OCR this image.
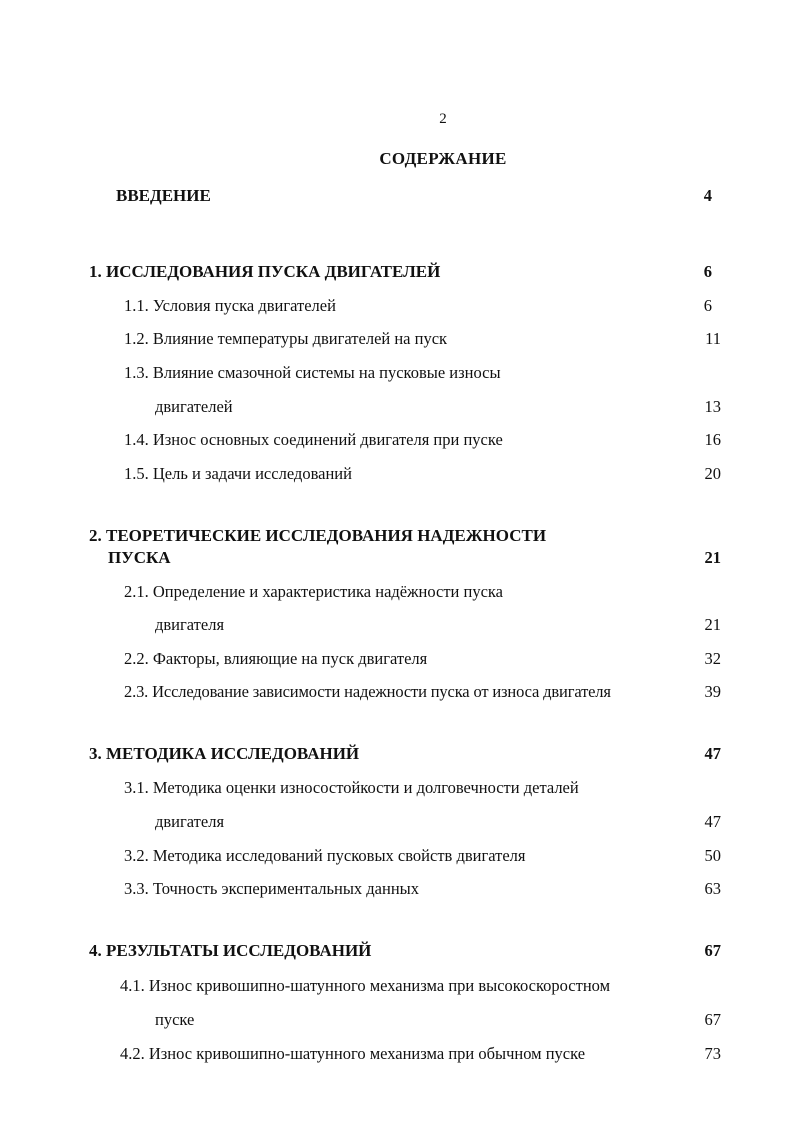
2
СОДЕРЖАНИЕ
ВВЕДЕНИЕ	4
1. ИССЛЕДОВАНИЯ ПУСКА ДВИГАТЕЛЕЙ	6
1.1. Условия пуска двигателей	6
1.2. Влияние температуры двигателей на пуск	11
1.3. Влияние смазочной системы на пусковые износы
двигателей	13
1.4. Износ основных соединений двигателя при пуске	16
1.5. Цель и задачи исследований	20
2. ТЕОРЕТИЧЕСКИЕ ИССЛЕДОВАНИЯ НАДЕЖНОСТИ
ПУСКА	21
2.1. Определение и характеристика надёжности пуска
двигателя	21
2.2. Факторы, влияющие на пуск двигателя	32
2.3. Исследование зависимости надежности пуска от износа двигателя	39
3. МЕТОДИКА ИССЛЕДОВАНИЙ	47
3.1. Методика оценки износостойкости и долговечности деталей
двигателя	47
3.2. Методика исследований пусковых свойств двигателя	50
3.3. Точность экспериментальных данных	63
4. РЕЗУЛЬТАТЫ ИССЛЕДОВАНИЙ	67
4.1. Износ кривошипно-шатунного механизма при высокоскоростном
пуске	67
4.2. Износ кривошипно-шатунного механизма при обычном пуске	73
